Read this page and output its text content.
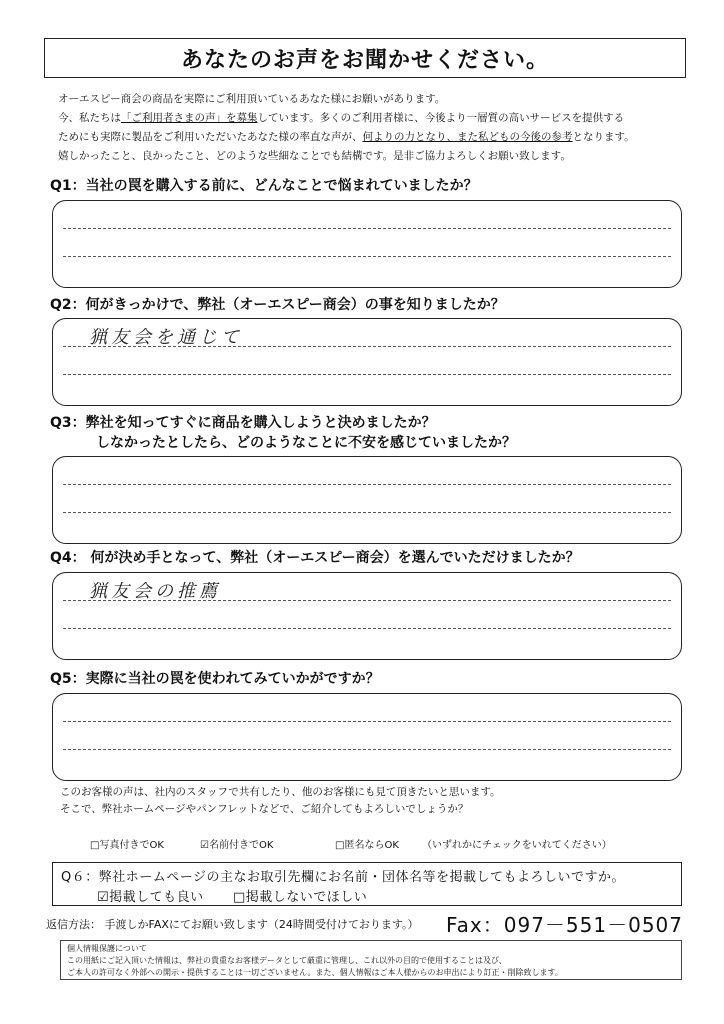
あなたのお声をお聞かせください。

オーエスピー商会の商品を実際にご利用頂いているあなた様にお願いがあります。

今、私たちは「ご利用者さまの声」を募集しています。多くのご利用者様に、今後より一層質の高いサービスを提供する

ためにも実際に製品をご利用いただいたあなた様の率直な声が、何よりの力となり、また私どもの今後の参考となります。

嬉しかったこと、良かったこと、どのような些細なことでも結構です。是非ご協力よろしくお願い致します。

Q1：当社の罠を購入する前に、どんなことで悩まれていましたか？
Q2：何がきっかけで、弊社（オーエスピー商会）の事を知りましたか？
猟友会を通じて
Q3：弊社を知ってすぐに商品を購入しようと決めましたか？
しなかったとしたら、どのようなことに不安を感じていましたか？
Q4： 何が決め手となって、弊社（オーエスピー商会）を選んでいただけましたか？
猟友会の推薦
Q5：実際に当社の罠を使われてみていかがですか？
このお客様の声は、社内のスタッフで共有したり、他のお客様にも見て頂きたいと思います。
そこで、弊社ホームページやパンフレットなどで、ご紹介してもよろしいでしょうか？
□写真付きでOK	☑名前付きでOK	□匿名ならOK （いずれかにチェックをいれてください）
Q６：弊社ホームページの主なお取引先欄にお名前・団体名等を掲載してもよろしいですか。
☑掲載しても良い □掲載しないでほしい
返信方法： 手渡しかFAXにてお願い致します（24時間受付けております。） Fax：097－551－0507

個人情報保護について

この用紙にご記入頂いた情報は、弊社の貴重なお客様データとして厳重に管理し、これ以外の目的で使用することは及び、

ご本人の許可なく外部への開示・提供することは一切ございません。また、個人情報はご本人様からのお申出により訂正・削除致します。
